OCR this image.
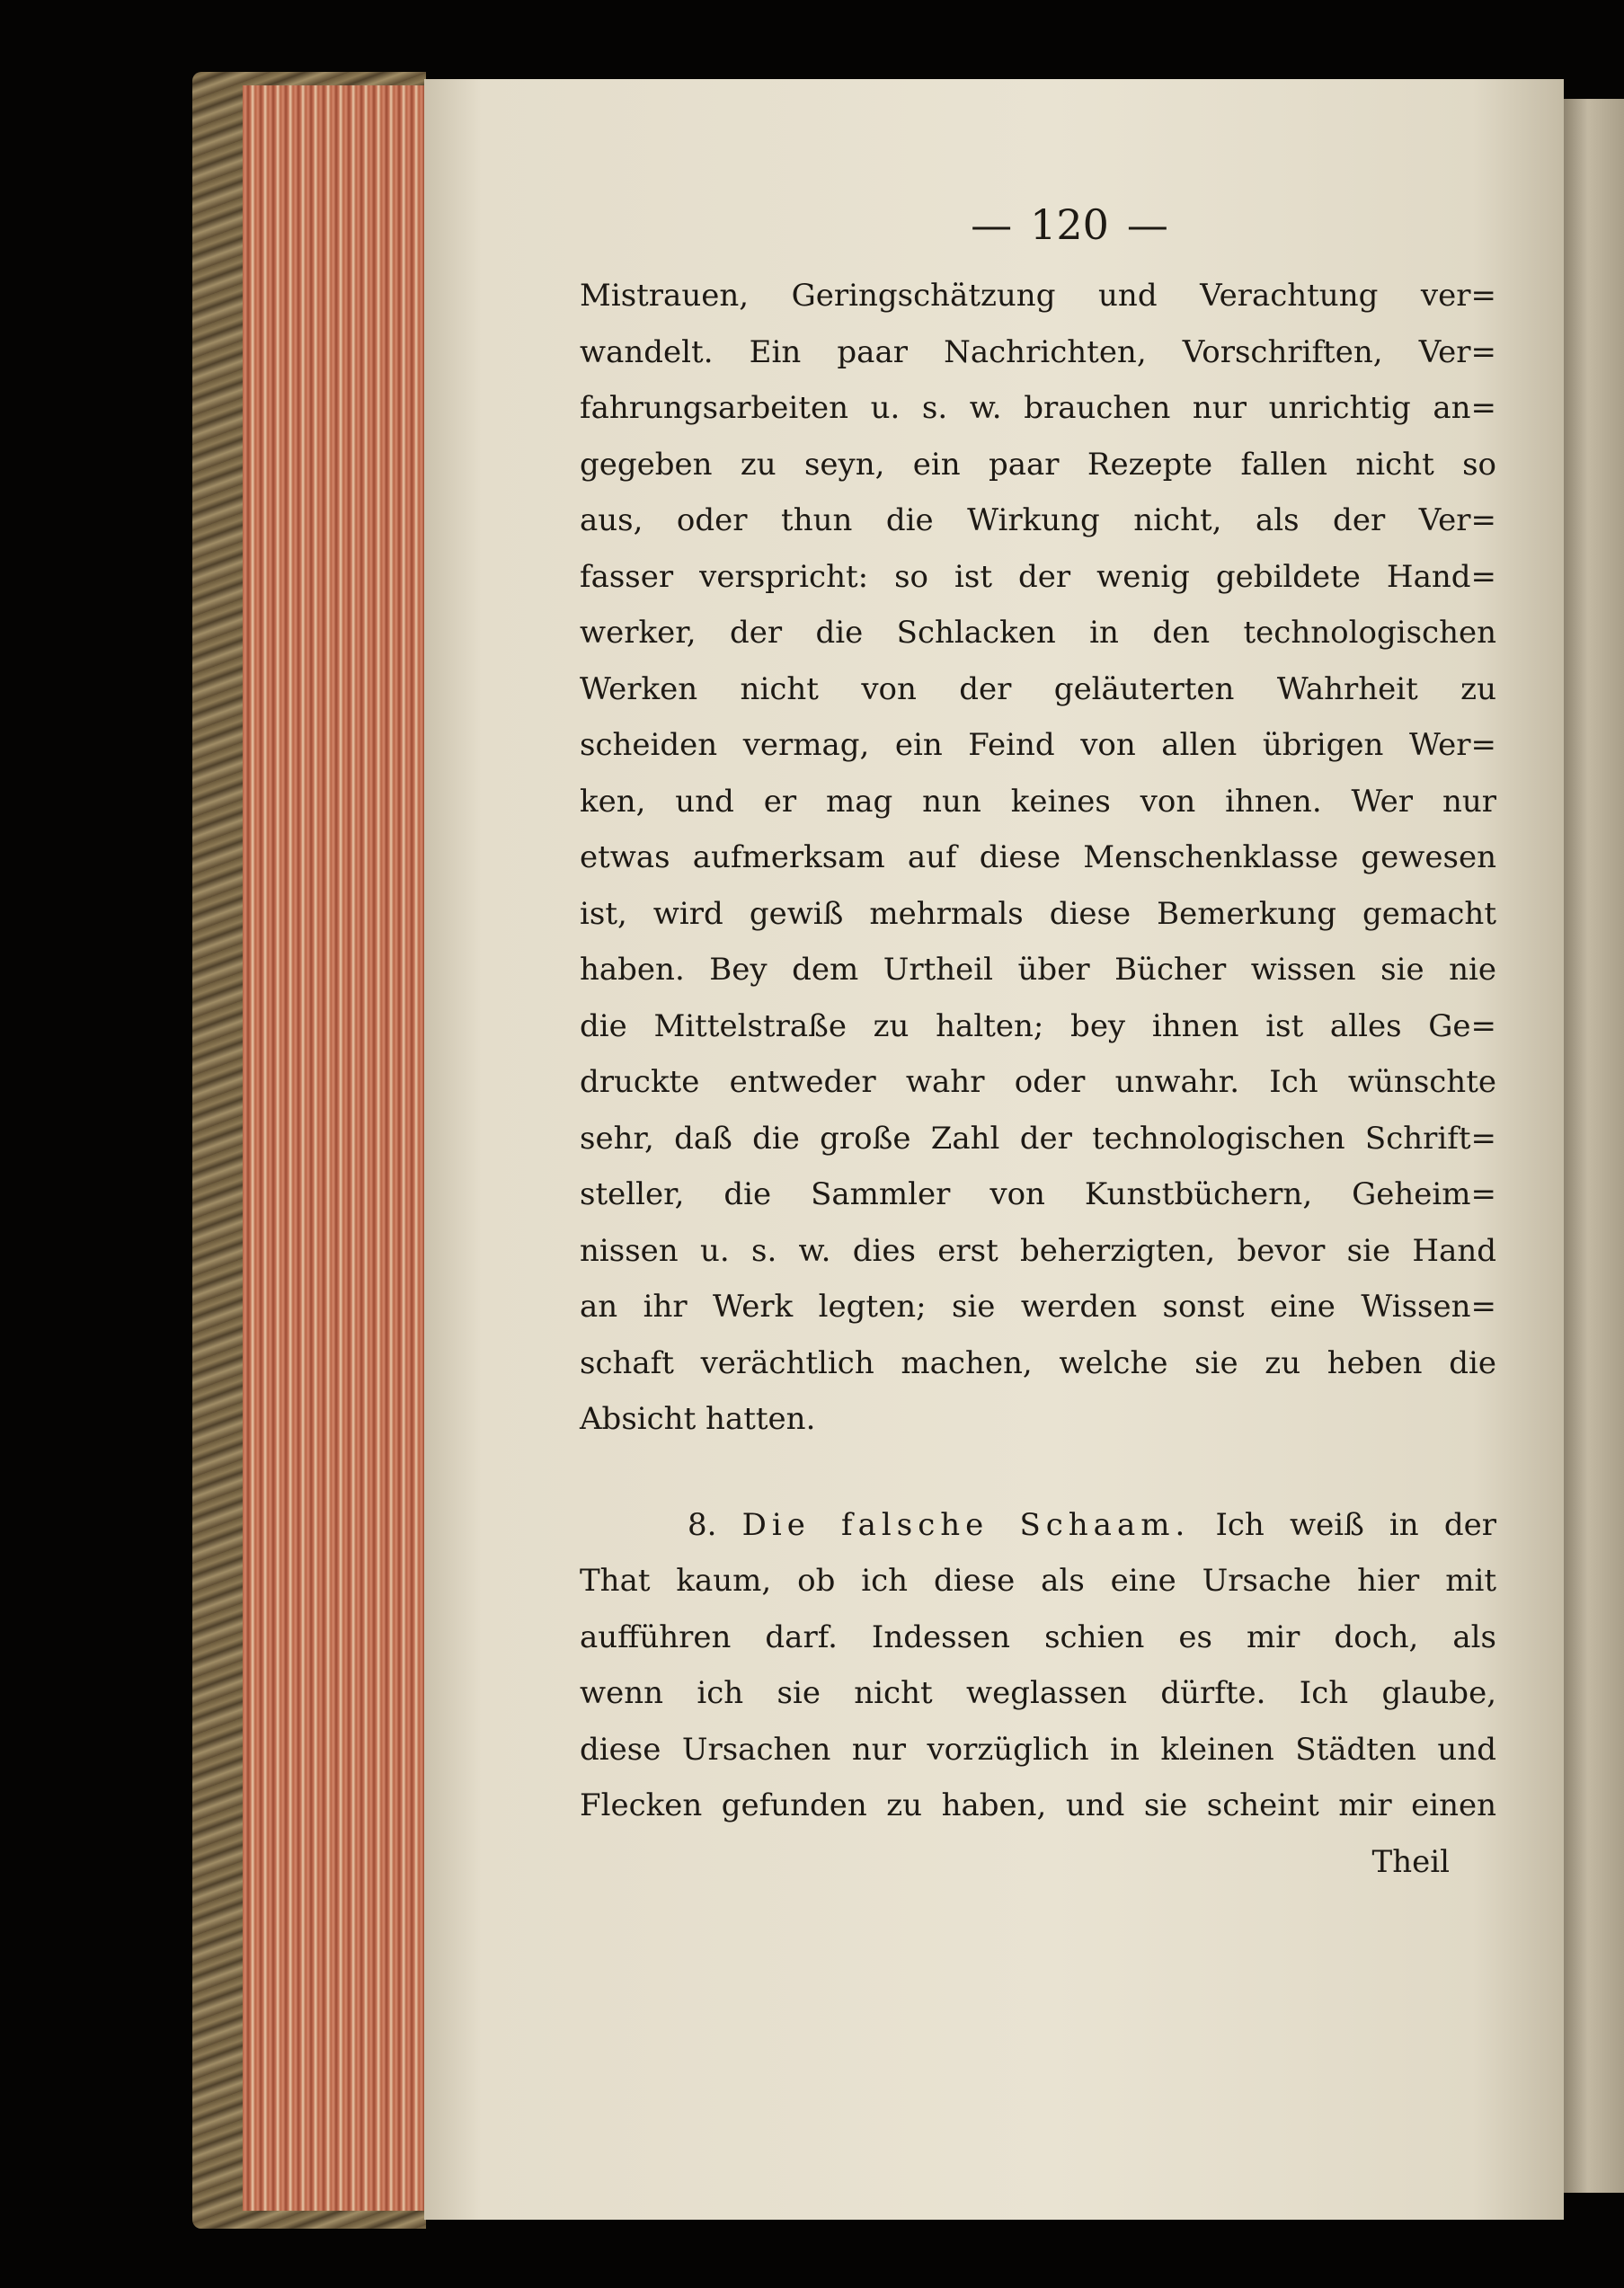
— 120 —
Mistrauen, Geringschätzung und Verachtung ver=
wandelt. Ein paar Nachrichten, Vorschriften, Ver=
fahrungsarbeiten u. s. w. brauchen nur unrichtig an=
gegeben zu seyn, ein paar Rezepte fallen nicht so
aus, oder thun die Wirkung nicht, als der Ver=
fasser verspricht: so ist der wenig gebildete Hand=
werker, der die Schlacken in den technologischen
Werken nicht von der geläuterten Wahrheit zu
scheiden vermag, ein Feind von allen übrigen Wer=
ken, und er mag nun keines von ihnen. Wer nur
etwas aufmerksam auf diese Menschenklasse gewesen
ist, wird gewiß mehrmals diese Bemerkung gemacht
haben. Bey dem Urtheil über Bücher wissen sie nie
die Mittelstraße zu halten; bey ihnen ist alles Ge=
druckte entweder wahr oder unwahr. Ich wünschte
sehr, daß die große Zahl der technologischen Schrift=
steller, die Sammler von Kunstbüchern, Geheim=
nissen u. s. w. dies erst beherzigten, bevor sie Hand
an ihr Werk legten; sie werden sonst eine Wissen=
schaft verächtlich machen, welche sie zu heben die
Absicht hatten.
8. Die falsche Schaam. Ich weiß in der
That kaum, ob ich diese als eine Ursache hier mit
aufführen darf. Indessen schien es mir doch, als
wenn ich sie nicht weglassen dürfte. Ich glaube,
diese Ursachen nur vorzüglich in kleinen Städten und
Flecken gefunden zu haben, und sie scheint mir einen
Theil
